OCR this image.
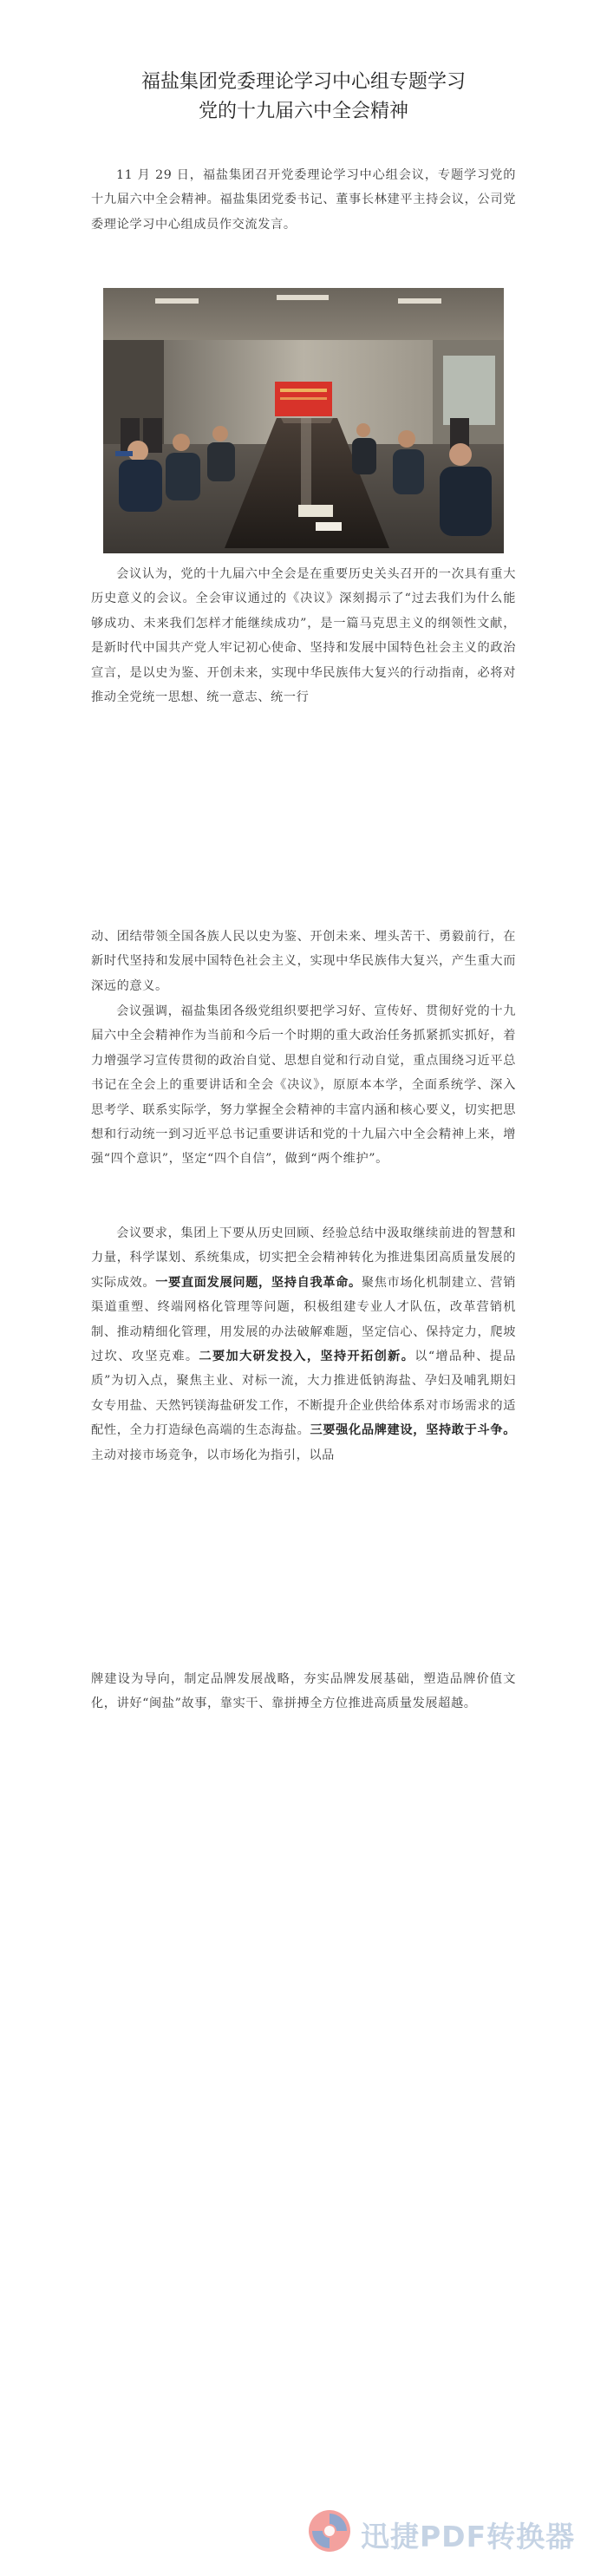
福盐集团党委理论学习中心组专题学习
党的十九届六中全会精神

11 月 29 日，福盐集团召开党委理论学习中心组会议，专题学习党的十九届六中全会精神。福盐集团党委书记、董事长林建平主持会议，公司党委理论学习中心组成员作交流发言。

会议认为，党的十九届六中全会是在重要历史关头召开的一次具有重大历史意义的会议。全会审议通过的《决议》深刻揭示了“过去我们为什么能够成功、未来我们怎样才能继续成功”，是一篇马克思主义的纲领性文献，是新时代中国共产党人牢记初心使命、坚持和发展中国特色社会主义的政治宣言，是以史为鉴、开创未来，实现中华民族伟大复兴的行动指南，必将对推动全党统一思想、统一意志、统一行

动、团结带领全国各族人民以史为鉴、开创未来、埋头苦干、勇毅前行，在新时代坚持和发展中国特色社会主义，实现中华民族伟大复兴，产生重大而深远的意义。

会议强调，福盐集团各级党组织要把学习好、宣传好、贯彻好党的十九届六中全会精神作为当前和今后一个时期的重大政治任务抓紧抓实抓好，着力增强学习宣传贯彻的政治自觉、思想自觉和行动自觉，重点围绕习近平总书记在全会上的重要讲话和全会《决议》，原原本本学，全面系统学、深入思考学、联系实际学，努力掌握全会精神的丰富内涵和核心要义，切实把思想和行动统一到习近平总书记重要讲话和党的十九届六中全会精神上来，增强“四个意识”，坚定“四个自信”，做到“两个维护”。

会议要求，集团上下要从历史回顾、经验总结中汲取继续前进的智慧和力量，科学谋划、系统集成，切实把全会精神转化为推进集团高质量发展的实际成效。一要直面发展问题，坚持自我革命。聚焦市场化机制建立、营销渠道重塑、终端网格化管理等问题，积极组建专业人才队伍，改革营销机制、推动精细化管理，用发展的办法破解难题，坚定信心、保持定力，爬坡过坎、攻坚克难。二要加大研发投入，坚持开拓创新。以“增品种、提品质”为切入点，聚焦主业、对标一流，大力推进低钠海盐、孕妇及哺乳期妇女专用盐、天然钙镁海盐研发工作，不断提升企业供给体系对市场需求的适配性，全力打造绿色高端的生态海盐。三要强化品牌建设，坚持敢于斗争。主动对接市场竞争，以市场化为指引，以品

牌建设为导向，制定品牌发展战略，夯实品牌发展基础，塑造品牌价值文化，讲好“闽盐”故事，靠实干、靠拼搏全方位推进高质量发展超越。

迅捷PDF转换器
